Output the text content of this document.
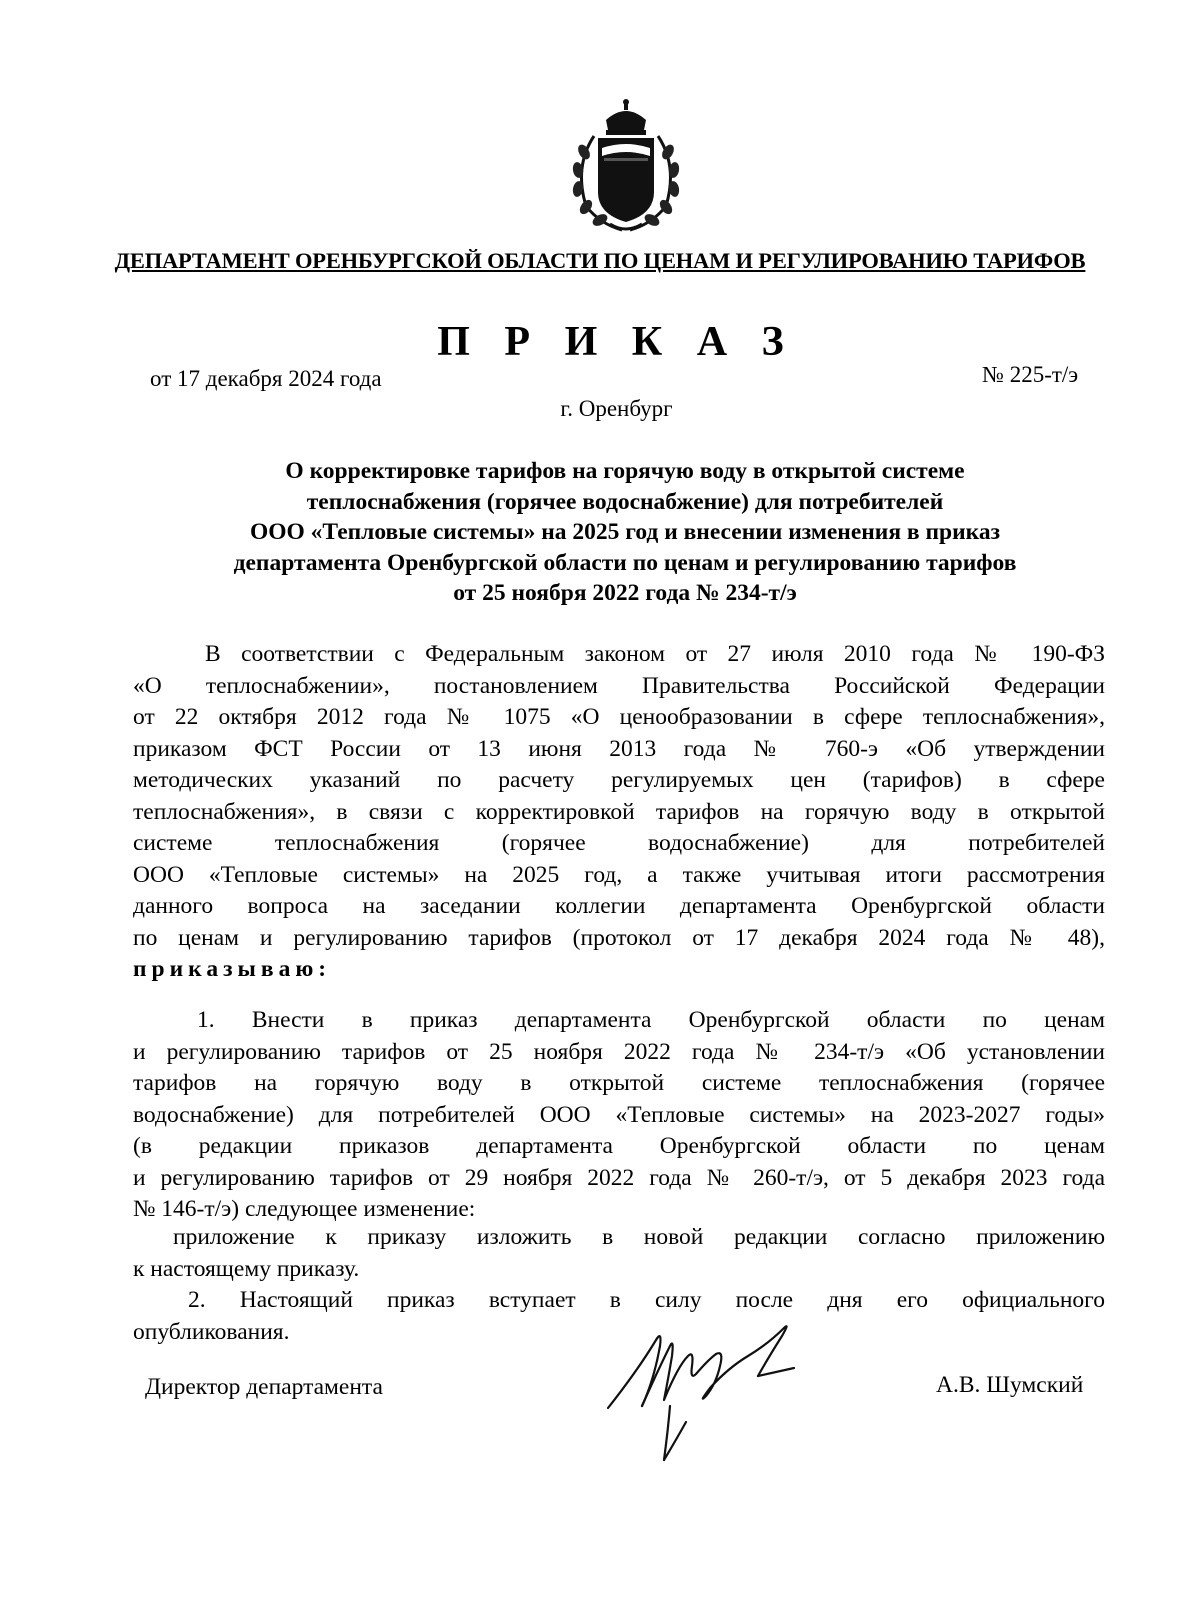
ДЕПАРТАМЕНТ ОРЕНБУРГСКОЙ ОБЛАСТИ ПО ЦЕНАМ И РЕГУЛИРОВАНИЮ ТАРИФОВ
П Р И К А З
от 17 декабря 2024 года	№ 225-т/э
г. Оренбург
О корректировке тарифов на горячую воду в открытой системе
теплоснабжения (горячее водоснабжение) для потребителей
ООО «Тепловые системы» на 2025 год и внесении изменения в приказ
департамента Оренбургской области по ценам и регулированию тарифов
от 25 ноября 2022 года № 234-т/э
В соответствии с Федеральным законом от 27 июля 2010 года № 190-ФЗ
«О теплоснабжении», постановлением Правительства Российской Федерации
от 22 октября 2012 года № 1075 «О ценообразовании в сфере теплоснабжения»,
приказом ФСТ России от 13 июня 2013 года № 760-э «Об утверждении
методических указаний по расчету регулируемых цен (тарифов) в сфере
теплоснабжения», в связи с корректировкой тарифов на горячую воду в открытой
системе теплоснабжения (горячее водоснабжение) для потребителей
ООО «Тепловые системы» на 2025 год, а также учитывая итоги рассмотрения
данного вопроса на заседании коллегии департамента Оренбургской области
по ценам и регулированию тарифов (протокол от 17 декабря 2024 года № 48),
приказываю:
1. Внести в приказ департамента Оренбургской области по ценам
и регулированию тарифов от 25 ноября 2022 года № 234-т/э «Об установлении
тарифов на горячую воду в открытой системе теплоснабжения (горячее
водоснабжение) для потребителей ООО «Тепловые системы» на 2023-2027 годы»
(в редакции приказов департамента Оренбургской области по ценам
и регулированию тарифов от 29 ноября 2022 года № 260-т/э, от 5 декабря 2023 года
№ 146-т/э) следующее изменение:
приложение к приказу изложить в новой редакции согласно приложению
к настоящему приказу.
2. Настоящий приказ вступает в силу после дня его официального
опубликования.
Директор департамента	А.В. Шумский
